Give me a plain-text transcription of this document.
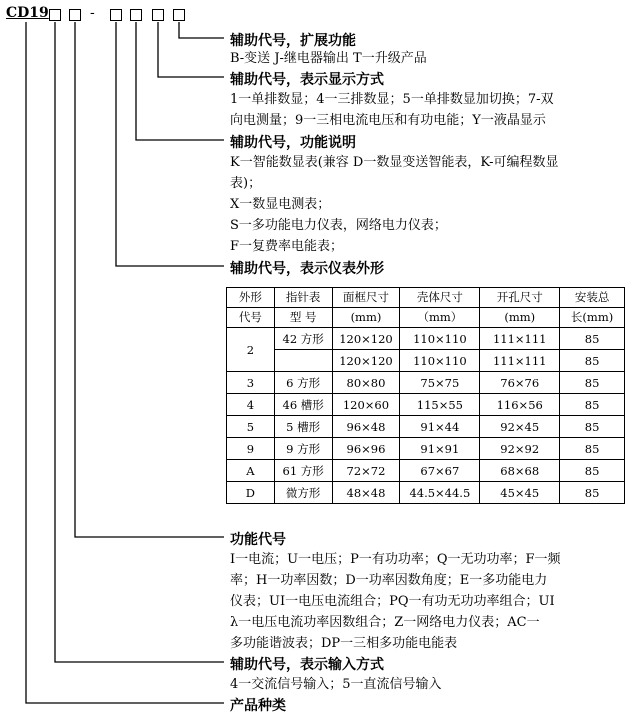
CD19	-
辅助代号，扩展功能
B-变送 J-继电器输出 T一升级产品
辅助代号，表示显示方式
1一单排数显；4一三排数显；5一单排数显加切换；7-双
向电测量；9一三相电流电压和有功电能；Y一液晶显示
辅助代号，功能说明
K一智能数显表(兼容 D一数显变送智能表，K-可编程数显
表)；
X一数显电测表；
S一多功能电力仪表，网络电力仪表；
F一复费率电能表；
辅助代号，表示仪表外形
外形	指针表	面框尺寸	壳体尺寸	开孔尺寸	安装总
代号	型 号	(mm)	（mm）	(mm)	长(mm)
2	42 方形	120×120	110×110	111×111	85
		120×120	110×110	111×111	85
3	6 方形	80×80	75×75	76×76	85
4	46 槽形	120×60	115×55	116×56	85
5	5 槽形	96×48	91×44	92×45	85
9	9 方形	96×96	91×91	92×92	85
A	61 方形	72×72	67×67	68×68	85
D	微方形	48×48	44.5×44.5	45×45	85
功能代号
I一电流；U一电压；P一有功功率；Q一无功功率；F一频
率；H一功率因数；D一功率因数角度；E一多功能电力
仪表；UI一电压电流组合；PQ一有功无功功率组合；UI
λ一电压电流功率因数组合；Z一网络电力仪表；AC一
多功能谐波表；DP一三相多功能电能表
辅助代号，表示输入方式
4一交流信号输入；5一直流信号输入
产品种类
